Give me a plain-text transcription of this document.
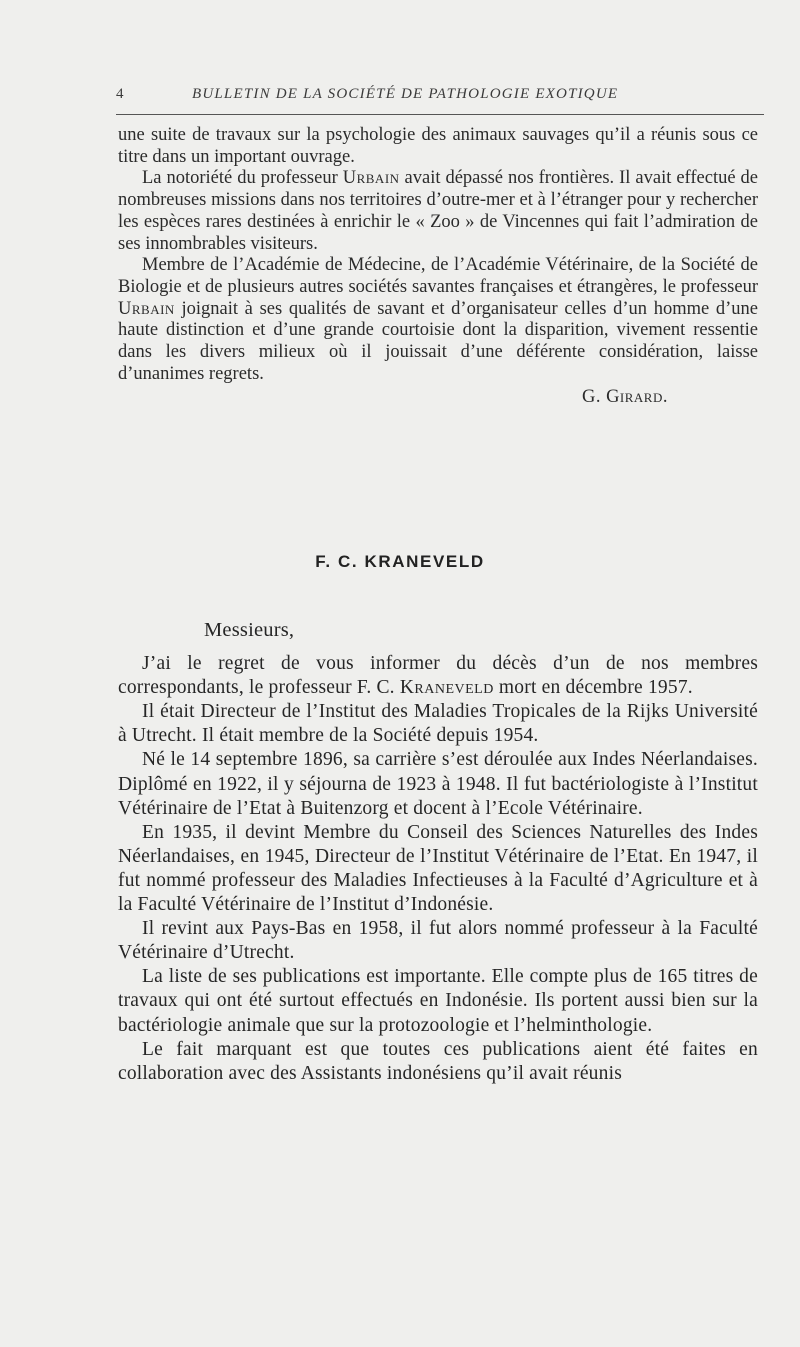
4	BULLETIN DE LA SOCIÉTÉ DE PATHOLOGIE EXOTIQUE

une suite de travaux sur la psychologie des animaux sauvages qu’il a réunis sous ce titre dans un important ouvrage.

La notoriété du professeur Urbain avait dépassé nos frontières. Il avait effectué de nombreuses missions dans nos territoires d’outre-mer et à l’étranger pour y rechercher les espèces rares destinées à enrichir le « Zoo » de Vincennes qui fait l’admiration de ses innombrables visiteurs.

Membre de l’Académie de Médecine, de l’Académie Vétérinaire, de la Société de Biologie et de plusieurs autres sociétés savantes françaises et étrangères, le professeur Urbain joignait à ses qualités de savant et d’organisateur celles d’un homme d’une haute distinction et d’une grande courtoisie dont la disparition, vivement ressentie dans les divers milieux où il jouissait d’une déférente considération, laisse d’unanimes regrets.

G. Girard.
F. C. KRANEVELD

Messieurs,

J’ai le regret de vous informer du décès d’un de nos membres correspondants, le professeur F. C. Kraneveld mort en décembre 1957.

Il était Directeur de l’Institut des Maladies Tropicales de la Rijks Université à Utrecht. Il était membre de la Société depuis 1954.

Né le 14 septembre 1896, sa carrière s’est déroulée aux Indes Néerlandaises. Diplômé en 1922, il y séjourna de 1923 à 1948. Il fut bactériologiste à l’Institut Vétérinaire de l’Etat à Buitenzorg et docent à l’Ecole Vétérinaire.

En 1935, il devint Membre du Conseil des Sciences Naturelles des Indes Néerlandaises, en 1945, Directeur de l’Institut Vétérinaire de l’Etat. En 1947, il fut nommé professeur des Maladies Infectieuses à la Faculté d’Agriculture et à la Faculté Vétérinaire de l’Institut d’Indonésie.

Il revint aux Pays-Bas en 1958, il fut alors nommé professeur à la Faculté Vétérinaire d’Utrecht.

La liste de ses publications est importante. Elle compte plus de 165 titres de travaux qui ont été surtout effectués en Indonésie. Ils portent aussi bien sur la bactériologie animale que sur la protozoologie et l’helminthologie.

Le fait marquant est que toutes ces publications aient été faites en collaboration avec des Assistants indonésiens qu’il avait réunis
